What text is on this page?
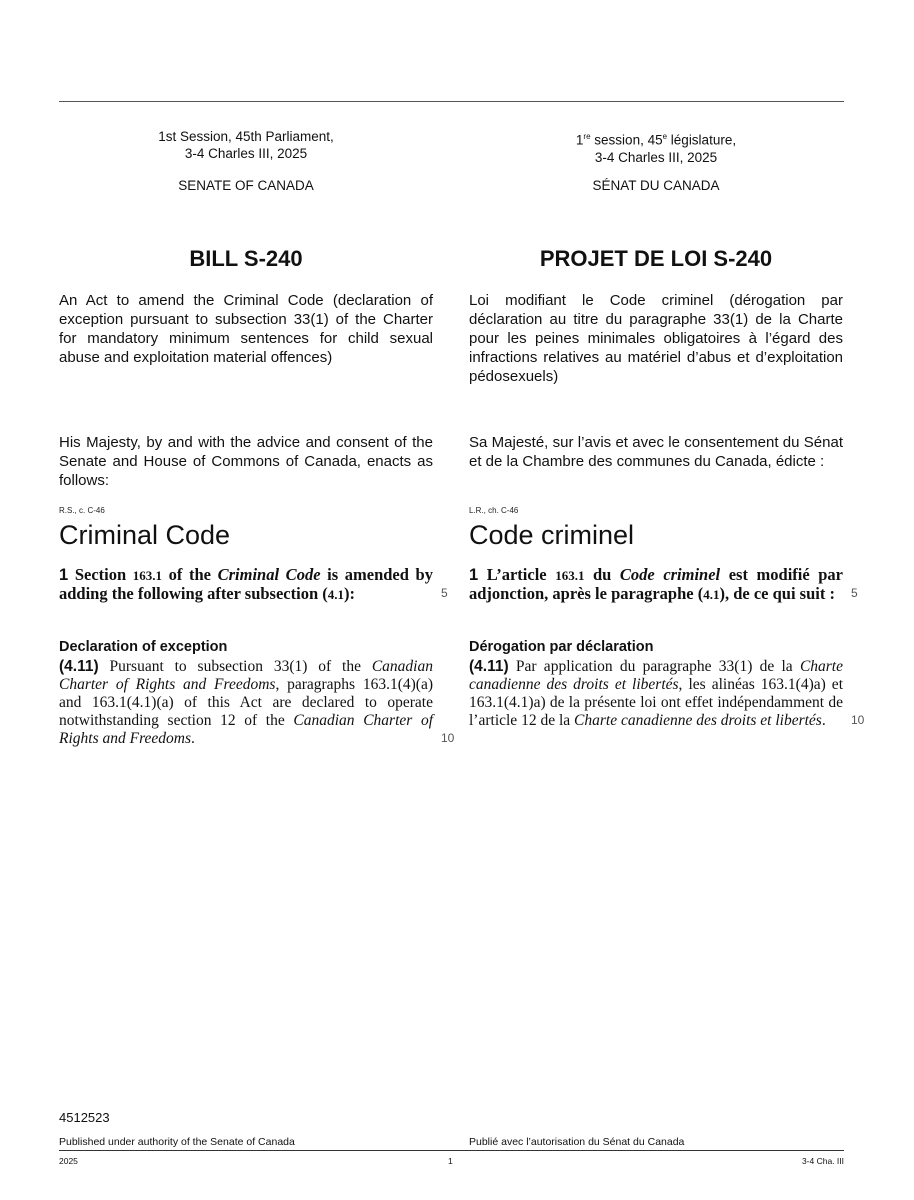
1st Session, 45th Parliament,
3-4 Charles III, 2025
1re session, 45e législature,
3-4 Charles III, 2025
SENATE OF CANADA	SÉNAT DU CANADA
BILL S-240	PROJET DE LOI S-240
An Act to amend the Criminal Code (declaration of exception pursuant to subsection 33(1) of the Charter for mandatory minimum sentences for child sexual abuse and exploitation material offences)
Loi modifiant le Code criminel (dérogation par déclaration au titre du paragraphe 33(1) de la Charte pour les peines minimales obligatoires à l’égard des infractions relatives au matériel d’abus et d’exploitation pédosexuels)
His Majesty, by and with the advice and consent of the Senate and House of Commons of Canada, enacts as follows:
Sa Majesté, sur l’avis et avec le consentement du Sénat et de la Chambre des communes du Canada, édicte :
R.S., c. C-46	L.R., ch. C-46
Criminal Code	Code criminel
1 Section 163.1 of the Criminal Code is amended by adding the following after subsection (4.1):
1 L’article 163.1 du Code criminel est modifié par adjonction, après le paragraphe (4.1), de ce qui suit :
5	5
Declaration of exception	Dérogation par déclaration
(4.11) Pursuant to subsection 33(1) of the Canadian Charter of Rights and Freedoms, paragraphs 163.1(4)(a) and 163.1(4.1)(a) of this Act are declared to operate notwithstanding section 12 of the Canadian Charter of Rights and Freedoms.
(4.11) Par application du paragraphe 33(1) de la Charte canadienne des droits et libertés, les alinéas 163.1(4)a) et 163.1(4.1)a) de la présente loi ont effet indépendamment de l’article 12 de la Charte canadienne des droits et libertés.
10
10
4512523
Published under authority of the Senate of Canada	Publié avec l’autorisation du Sénat du Canada
2025	1	3-4 Cha. III
